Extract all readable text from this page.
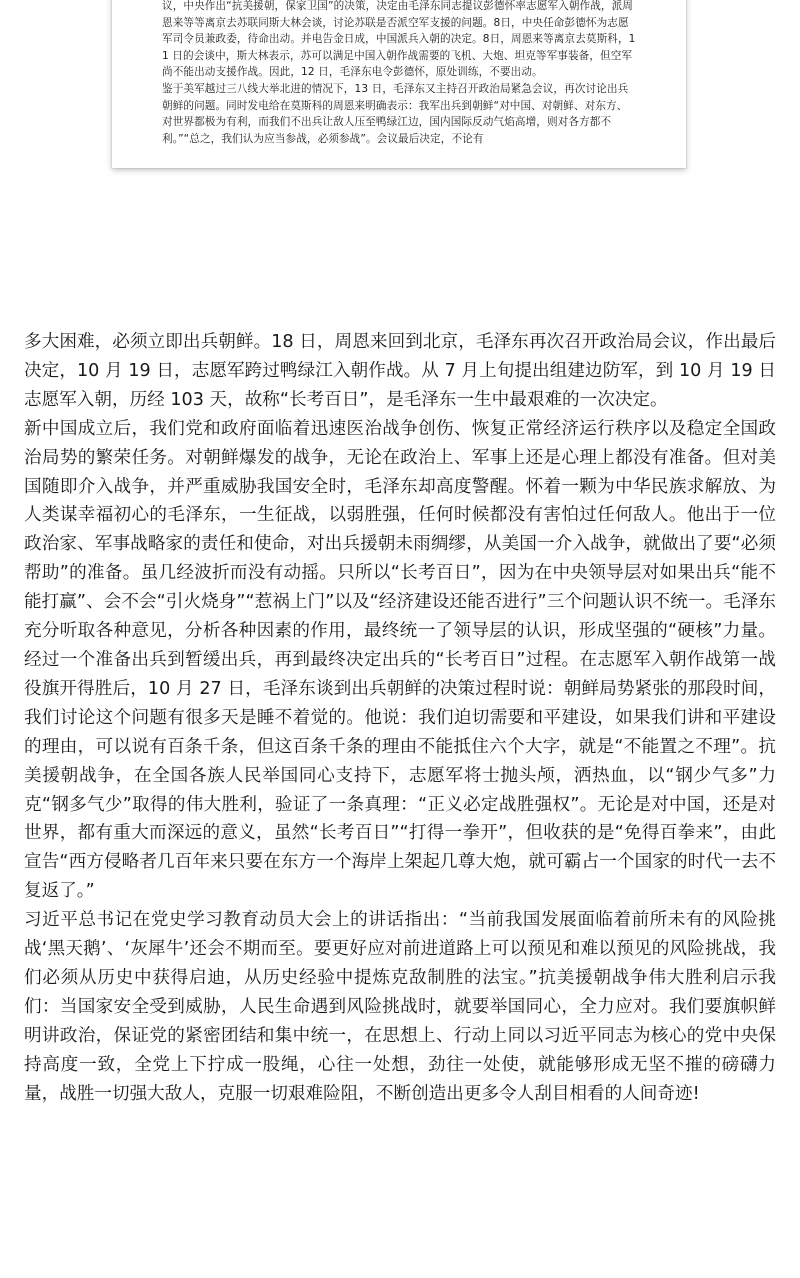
议，中央作出“抗美援朝，保家卫国”的决策，决定由毛泽东同志提议彭德怀率志愿军入朝作战，派周恩来等等离京去苏联同斯大林会谈，讨论苏联是否派空军支援的问题。8日，中央任命彭德怀为志愿军司令员兼政委，待命出动。并电告金日成，中国派兵入朝的决定。8日，周恩来等离京去莫斯科，11 日的会谈中，斯大林表示，苏可以满足中国入朝作战需要的飞机、大炮、坦克等军事装备，但空军尚不能出动支援作战。因此，12 日，毛泽东电令彭德怀，原处训练，不要出动。

鉴于美军越过三八线大举北进的情况下，13 日，毛泽东又主持召开政治局紧急会议，再次讨论出兵朝鲜的问题。同时发电给在莫斯科的周恩来明确表示：我军出兵到朝鲜“对中国、对朝鲜、对东方、对世界都极为有利，而我们不出兵让敌人压至鸭绿江边，国内国际反动气焰高增，则对各方都不利。”“总之，我们认为应当参战，必须参战”。会议最后决定，不论有

多大困难，必须立即出兵朝鲜。18 日，周恩来回到北京，毛泽东再次召开政治局会议，作出最后决定，10 月 19 日，志愿军跨过鸭绿江入朝作战。从 7 月上旬提出组建边防军，到 10 月 19 日志愿军入朝，历经 103 天，故称“长考百日”，是毛泽东一生中最艰难的一次决定。

新中国成立后，我们党和政府面临着迅速医治战争创伤、恢复正常经济运行秩序以及稳定全国政治局势的繁荣任务。对朝鲜爆发的战争，无论在政治上、军事上还是心理上都没有准备。但对美国随即介入战争，并严重威胁我国安全时，毛泽东却高度警醒。怀着一颗为中华民族求解放、为人类谋幸福初心的毛泽东，一生征战，以弱胜强，任何时候都没有害怕过任何敌人。他出于一位政治家、军事战略家的责任和使命，对出兵援朝未雨绸缪，从美国一介入战争，就做出了要“必须帮助”的准备。虽几经波折而没有动摇。只所以“长考百日”，因为在中央领导层对如果出兵“能不能打赢”、会不会“引火烧身”“惹祸上门”以及“经济建设还能否进行”三个问题认识不统一。毛泽东充分听取各种意见，分析各种因素的作用，最终统一了领导层的认识，形成坚强的“硬核”力量。经过一个准备出兵到暂缓出兵，再到最终决定出兵的“长考百日”过程。在志愿军入朝作战第一战役旗开得胜后，10 月 27 日，毛泽东谈到出兵朝鲜的决策过程时说：朝鲜局势紧张的那段时间，我们讨论这个问题有很多天是睡不着觉的。他说：我们迫切需要和平建设，如果我们讲和平建设的理由，可以说有百条千条，但这百条千条的理由不能抵住六个大字，就是“不能置之不理”。抗美援朝战争，在全国各族人民举国同心支持下，志愿军将士抛头颅，洒热血，以“钢少气多”力克“钢多气少”取得的伟大胜利，验证了一条真理：“正义必定战胜强权”。无论是对中国，还是对世界，都有重大而深远的意义，虽然“长考百日”“打得一拳开”，但收获的是“免得百拳来”，由此宣告“西方侵略者几百年来只要在东方一个海岸上架起几尊大炮，就可霸占一个国家的时代一去不复返了。”

习近平总书记在党史学习教育动员大会上的讲话指出：“当前我国发展面临着前所未有的风险挑战‘黑天鹅’、‘灰犀牛’还会不期而至。要更好应对前进道路上可以预见和难以预见的风险挑战，我们必须从历史中获得启迪，从历史经验中提炼克敌制胜的法宝。”抗美援朝战争伟大胜利启示我们：当国家安全受到威胁，人民生命遇到风险挑战时，就要举国同心，全力应对。我们要旗帜鲜明讲政治，保证党的紧密团结和集中统一，在思想上、行动上同以习近平同志为核心的党中央保持高度一致，全党上下拧成一股绳，心往一处想，劲往一处使，就能够形成无坚不摧的磅礴力量，战胜一切强大敌人，克服一切艰难险阻，不断创造出更多令人刮目相看的人间奇迹!
